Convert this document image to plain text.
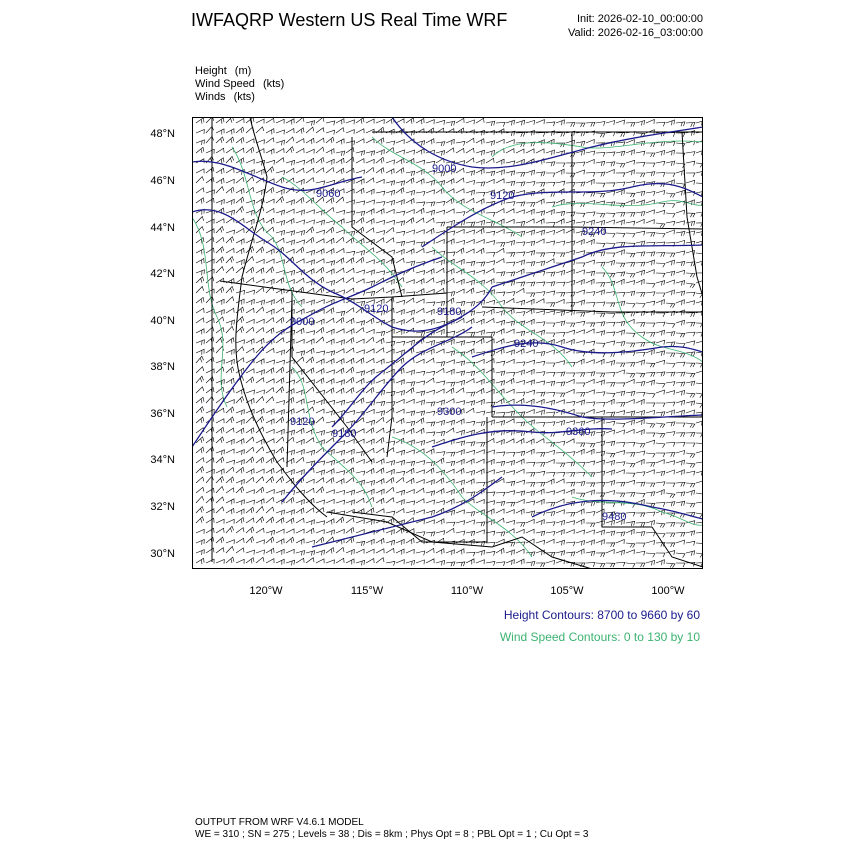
IWFAQRP Western US Real Time WRF	Init: 2026-02-10_00:00:00
Valid: 2026-02-16_03:00:00
Height (m)
Wind Speed (kts)
Winds (kts)
48°N
46°N
44°N
42°N
40°N
38°N
36°N
34°N
32°N
30°N
120°W	115°W	110°W	105°W	100°W
9060
9000
9120	9180
9240
9120
9000
9240
9300
9360
9120
9180
9480
Height Contours: 8700 to 9660 by 60
Wind Speed Contours: 0 to 130 by 10
OUTPUT FROM WRF V4.6.1 MODEL
WE = 310 ; SN = 275 ; Levels = 38 ; Dis = 8km ; Phys Opt = 8 ; PBL Opt = 1 ; Cu Opt = 3
